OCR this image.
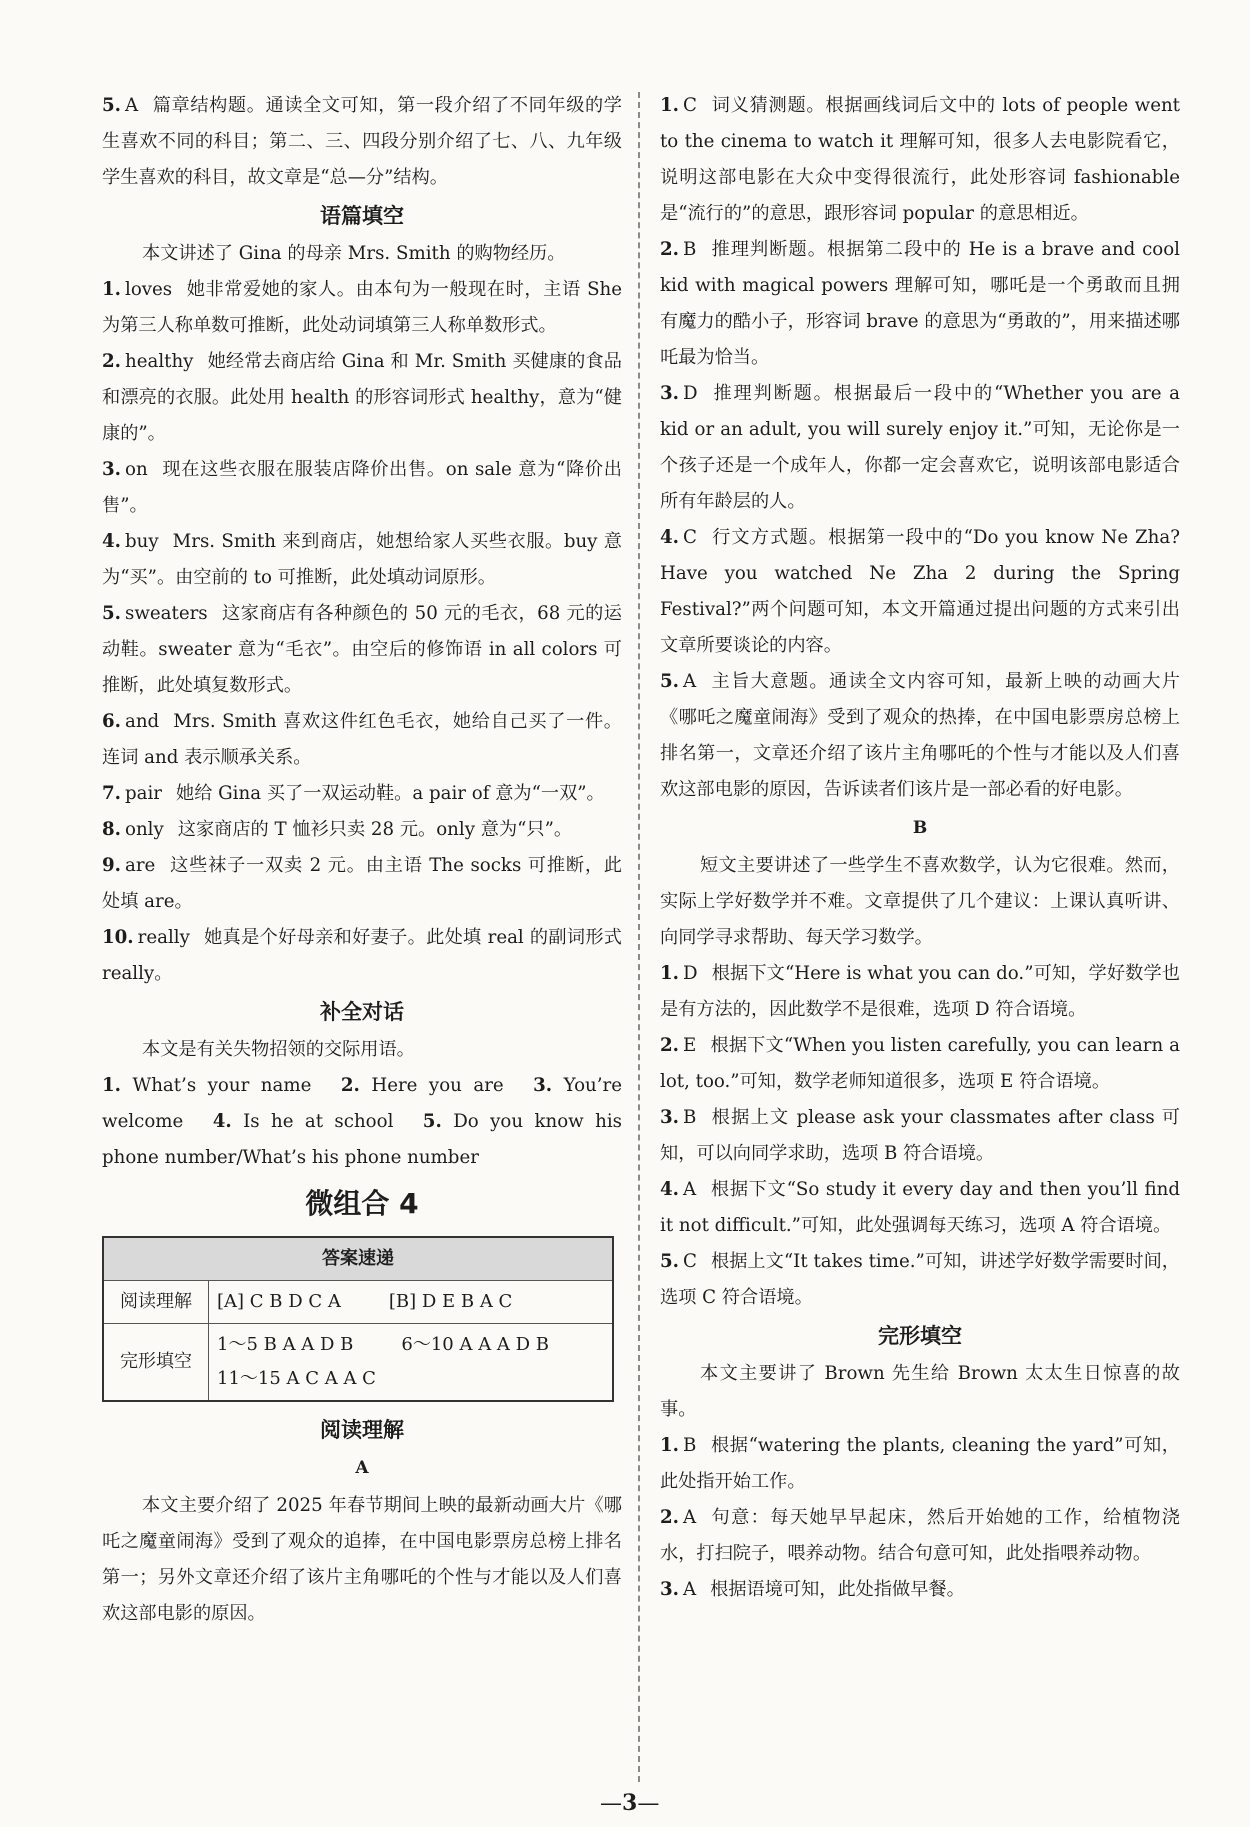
5. A 篇章结构题。通读全文可知，第一段介绍了不同年级的学生喜欢不同的科目；第二、三、四段分别介绍了七、八、九年级学生喜欢的科目，故文章是“总—分”结构。

语篇填空

本文讲述了 Gina 的母亲 Mrs. Smith 的购物经历。

1. loves 她非常爱她的家人。由本句为一般现在时，主语 She 为第三人称单数可推断，此处动词填第三人称单数形式。

2. healthy 她经常去商店给 Gina 和 Mr. Smith 买健康的食品和漂亮的衣服。此处用 health 的形容词形式 healthy，意为“健康的”。

3. on 现在这些衣服在服装店降价出售。on sale 意为“降价出售”。

4. buy Mrs. Smith 来到商店，她想给家人买些衣服。buy 意为“买”。由空前的 to 可推断，此处填动词原形。

5. sweaters 这家商店有各种颜色的 50 元的毛衣，68 元的运动鞋。sweater 意为“毛衣”。由空后的修饰语 in all colors 可推断，此处填复数形式。

6. and Mrs. Smith 喜欢这件红色毛衣，她给自己买了一件。连词 and 表示顺承关系。

7. pair 她给 Gina 买了一双运动鞋。a pair of 意为“一双”。

8. only 这家商店的 T 恤衫只卖 28 元。only 意为“只”。

9. are 这些袜子一双卖 2 元。由主语 The socks 可推断，此处填 are。

10. really 她真是个好母亲和好妻子。此处填 real 的副词形式 really。

补全对话

本文是有关失物招领的交际用语。

1. What’s your name 2. Here you are 3. You’re welcome 4. Is he at school 5. Do you know his phone number/What’s his phone number

微组合 4
答案速递	
阅读理解	[A] C B D C A [B] D E B A C
完形填空	1～5 B A A D B 6～10 A A A D B
11～15 A C A A C
阅读理解
A

本文主要介绍了 2025 年春节期间上映的最新动画大片《哪吒之魔童闹海》受到了观众的追捧，在中国电影票房总榜上排名第一；另外文章还介绍了该片主角哪吒的个性与才能以及人们喜欢这部电影的原因。

1. C 词义猜测题。根据画线词后文中的 lots of people went to the cinema to watch it 理解可知，很多人去电影院看它，说明这部电影在大众中变得很流行，此处形容词 fashionable 是“流行的”的意思，跟形容词 popular 的意思相近。

2. B 推理判断题。根据第二段中的 He is a brave and cool kid with magical powers 理解可知，哪吒是一个勇敢而且拥有魔力的酷小子，形容词 brave 的意思为“勇敢的”，用来描述哪吒最为恰当。

3. D 推理判断题。根据最后一段中的“Whether you are a kid or an adult, you will surely enjoy it.”可知，无论你是一个孩子还是一个成年人，你都一定会喜欢它，说明该部电影适合所有年龄层的人。

4. C 行文方式题。根据第一段中的“Do you know Ne Zha? Have you watched Ne Zha 2 during the Spring Festival?”两个问题可知，本文开篇通过提出问题的方式来引出文章所要谈论的内容。

5. A 主旨大意题。通读全文内容可知，最新上映的动画大片《哪吒之魔童闹海》受到了观众的热捧，在中国电影票房总榜上排名第一，文章还介绍了该片主角哪吒的个性与才能以及人们喜欢这部电影的原因，告诉读者们该片是一部必看的好电影。

B

短文主要讲述了一些学生不喜欢数学，认为它很难。然而，实际上学好数学并不难。文章提供了几个建议：上课认真听讲、向同学寻求帮助、每天学习数学。

1. D 根据下文“Here is what you can do.”可知，学好数学也是有方法的，因此数学不是很难，选项 D 符合语境。

2. E 根据下文“When you listen carefully, you can learn a lot, too.”可知，数学老师知道很多，选项 E 符合语境。

3. B 根据上文 please ask your classmates after class 可知，可以向同学求助，选项 B 符合语境。

4. A 根据下文“So study it every day and then you’ll find it not difficult.”可知，此处强调每天练习，选项 A 符合语境。

5. C 根据上文“It takes time.”可知，讲述学好数学需要时间，选项 C 符合语境。

完形填空

本文主要讲了 Brown 先生给 Brown 太太生日惊喜的故事。

1. B 根据“watering the plants, cleaning the yard”可知，此处指开始工作。

2. A 句意：每天她早早起床，然后开始她的工作，给植物浇水，打扫院子，喂养动物。结合句意可知，此处指喂养动物。

3. A 根据语境可知，此处指做早餐。

— 3 —
